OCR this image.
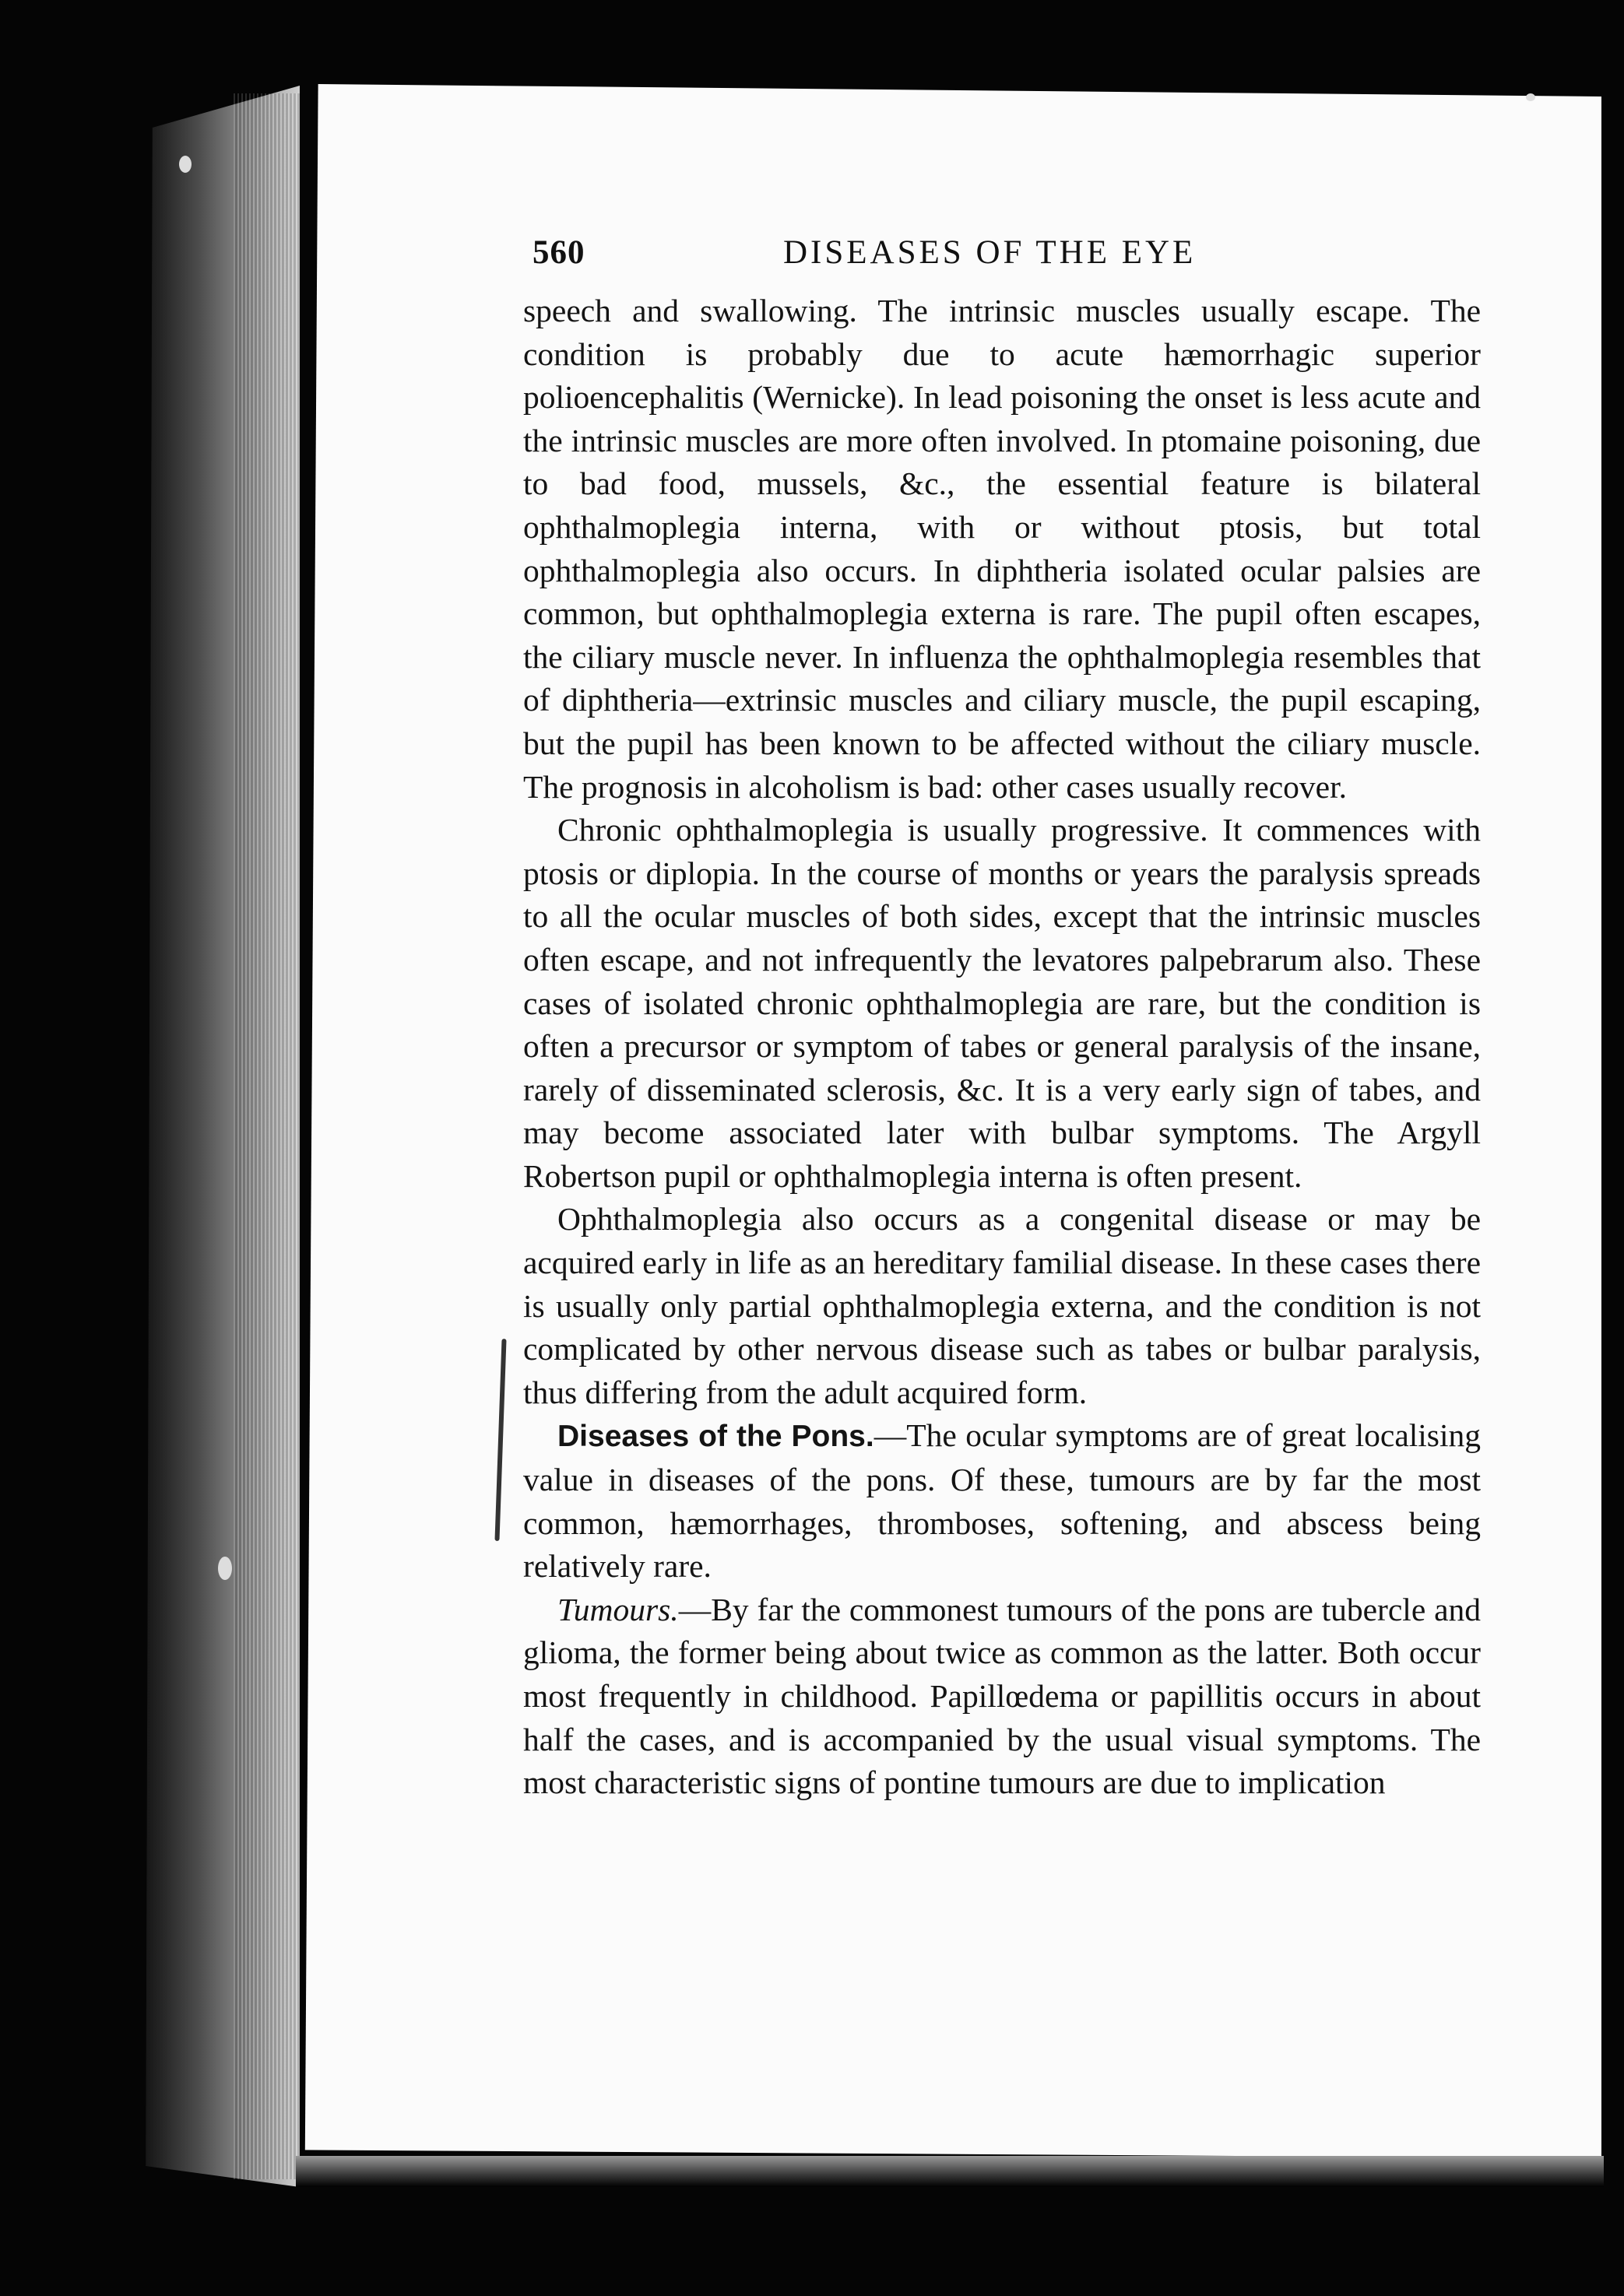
560	DISEASES OF THE EYE

speech and swallowing. The intrinsic muscles usually escape. The condition is probably due to acute hæmorrhagic superior polioencephalitis (Wernicke). In lead poisoning the onset is less acute and the intrinsic muscles are more often involved. In ptomaine poisoning, due to bad food, mussels, &c., the essential feature is bilateral ophthalmoplegia interna, with or without ptosis, but total ophthalmoplegia also occurs. In diphtheria isolated ocular palsies are common, but ophthalmoplegia externa is rare. The pupil often escapes, the ciliary muscle never. In influenza the ophthalmoplegia resembles that of diphtheria—extrinsic muscles and ciliary muscle, the pupil escaping, but the pupil has been known to be affected without the ciliary muscle. The prognosis in alcoholism is bad: other cases usually recover.

Chronic ophthalmoplegia is usually progressive. It commences with ptosis or diplopia. In the course of months or years the paralysis spreads to all the ocular muscles of both sides, except that the intrinsic muscles often escape, and not infrequently the levatores palpebrarum also. These cases of isolated chronic ophthalmoplegia are rare, but the condition is often a precursor or symptom of tabes or general paralysis of the insane, rarely of disseminated sclerosis, &c. It is a very early sign of tabes, and may become associated later with bulbar symptoms. The Argyll Robertson pupil or ophthalmoplegia interna is often present.

Ophthalmoplegia also occurs as a congenital disease or may be acquired early in life as an hereditary familial disease. In these cases there is usually only partial ophthalmoplegia externa, and the condition is not complicated by other nervous disease such as tabes or bulbar paralysis, thus differing from the adult acquired form.

Diseases of the Pons.—The ocular symptoms are of great localising value in diseases of the pons. Of these, tumours are by far the most common, hæmorrhages, thromboses, softening, and abscess being relatively rare.

Tumours.—By far the commonest tumours of the pons are tubercle and glioma, the former being about twice as common as the latter. Both occur most frequently in childhood. Papillœdema or papillitis occurs in about half the cases, and is accompanied by the usual visual symptoms. The most characteristic signs of pontine tumours are due to implication
